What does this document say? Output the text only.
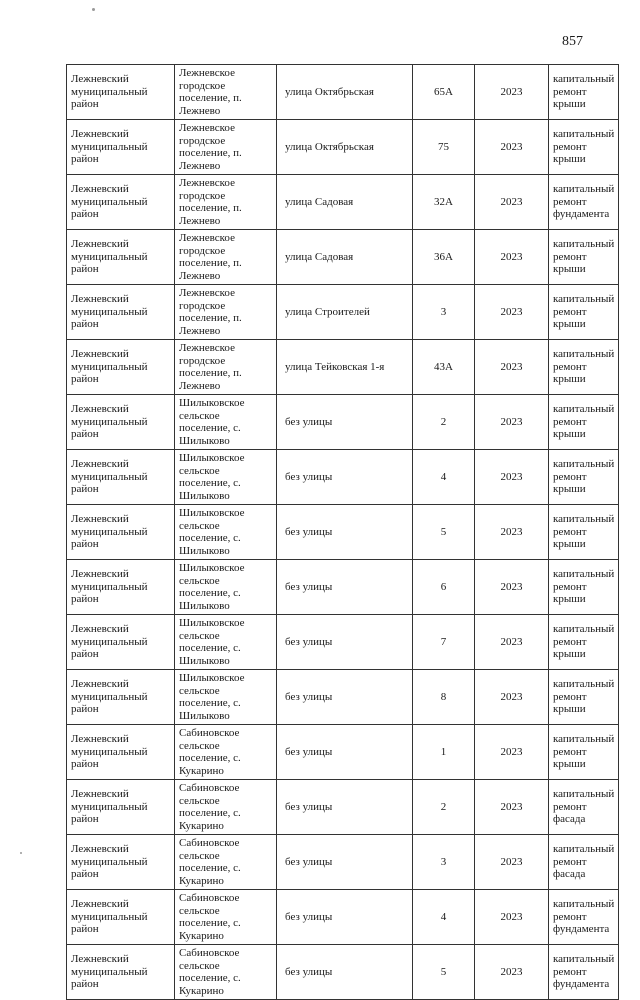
857
Лежневский муниципальный район	Лежневское городское поселение, п. Лежнево	улица Октябрьская	65А	2023	капитальный ремонт крыши
Лежневский муниципальный район	Лежневское городское поселение, п. Лежнево	улица Октябрьская	75	2023	капитальный ремонт крыши
Лежневский муниципальный район	Лежневское городское поселение, п. Лежнево	улица Садовая	32А	2023	капитальный ремонт фундамента
Лежневский муниципальный район	Лежневское городское поселение, п. Лежнево	улица Садовая	36А	2023	капитальный ремонт крыши
Лежневский муниципальный район	Лежневское городское поселение, п. Лежнево	улица Строителей	3	2023	капитальный ремонт крыши
Лежневский муниципальный район	Лежневское городское поселение, п. Лежнево	улица Тейковская 1-я	43А	2023	капитальный ремонт крыши
Лежневский муниципальный район	Шилыковское сельское поселение, с. Шилыково	без улицы	2	2023	капитальный ремонт крыши
Лежневский муниципальный район	Шилыковское сельское поселение, с. Шилыково	без улицы	4	2023	капитальный ремонт крыши
Лежневский муниципальный район	Шилыковское сельское поселение, с. Шилыково	без улицы	5	2023	капитальный ремонт крыши
Лежневский муниципальный район	Шилыковское сельское поселение, с. Шилыково	без улицы	6	2023	капитальный ремонт крыши
Лежневский муниципальный район	Шилыковское сельское поселение, с. Шилыково	без улицы	7	2023	капитальный ремонт крыши
Лежневский муниципальный район	Шилыковское сельское поселение, с. Шилыково	без улицы	8	2023	капитальный ремонт крыши
Лежневский муниципальный район	Сабиновское сельское поселение, с. Кукарино	без улицы	1	2023	капитальный ремонт крыши
Лежневский муниципальный район	Сабиновское сельское поселение, с. Кукарино	без улицы	2	2023	капитальный ремонт фасада
Лежневский муниципальный район	Сабиновское сельское поселение, с. Кукарино	без улицы	3	2023	капитальный ремонт фасада
Лежневский муниципальный район	Сабиновское сельское поселение, с. Кукарино	без улицы	4	2023	капитальный ремонт фундамента
Лежневский муниципальный район	Сабиновское сельское поселение, с. Кукарино	без улицы	5	2023	капитальный ремонт фундамента
